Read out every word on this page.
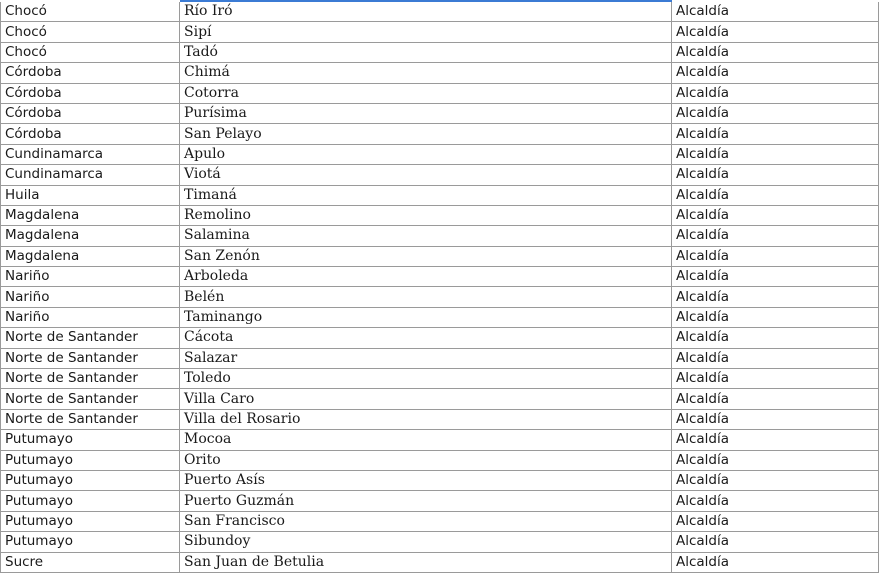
Chocó	Río Iró	Alcaldía
Chocó	Sipí	Alcaldía
Chocó	Tadó	Alcaldía
Córdoba	Chimá	Alcaldía
Córdoba	Cotorra	Alcaldía
Córdoba	Purísima	Alcaldía
Córdoba	San Pelayo	Alcaldía
Cundinamarca	Apulo	Alcaldía
Cundinamarca	Viotá	Alcaldía
Huila	Timaná	Alcaldía
Magdalena	Remolino	Alcaldía
Magdalena	Salamina	Alcaldía
Magdalena	San Zenón	Alcaldía
Nariño	Arboleda	Alcaldía
Nariño	Belén	Alcaldía
Nariño	Taminango	Alcaldía
Norte de Santander	Cácota	Alcaldía
Norte de Santander	Salazar	Alcaldía
Norte de Santander	Toledo	Alcaldía
Norte de Santander	Villa Caro	Alcaldía
Norte de Santander	Villa del Rosario	Alcaldía
Putumayo	Mocoa	Alcaldía
Putumayo	Orito	Alcaldía
Putumayo	Puerto Asís	Alcaldía
Putumayo	Puerto Guzmán	Alcaldía
Putumayo	San Francisco	Alcaldía
Putumayo	Sibundoy	Alcaldía
Sucre	San Juan de Betulia	Alcaldía
